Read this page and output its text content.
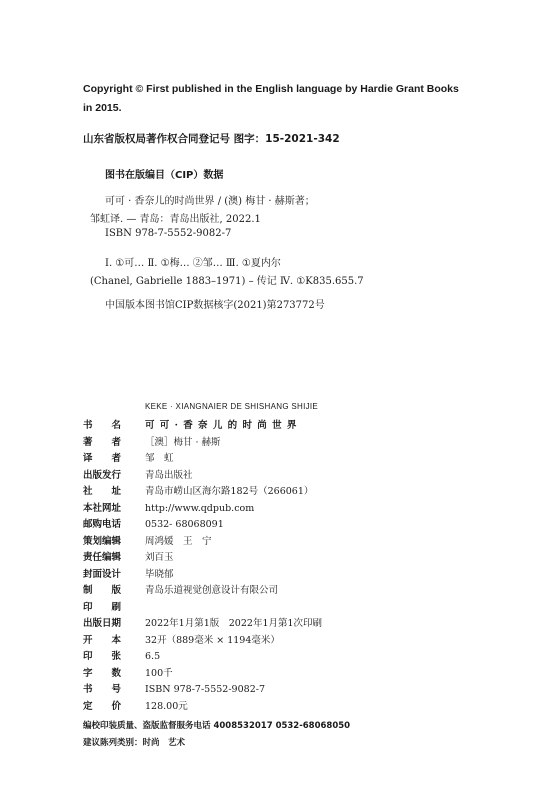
Copyright © First published in the English language by Hardie Grant Books in 2015.
山东省版权局著作权合同登记号 图字：15-2021-342
图书在版编目（CIP）数据
可可 · 香奈儿的时尚世界 / (澳) 梅甘 · 赫斯著；
邹虹译. — 青岛：青岛出版社, 2022.1
ISBN 978-7-5552-9082-7
Ⅰ. ①可… Ⅱ. ①梅… ②邹… Ⅲ. ①夏内尔
(Chanel, Gabrielle 1883–1971) – 传记 Ⅳ. ①K835.655.7
中国版本图书馆CIP数据核字(2021)第273772号
KEKE · XIANGNAIER DE SHISHANG SHIJIE
书　　名	可 可 · 香 奈 儿 的 时 尚 世 界
著　　者	［澳］梅甘 · 赫斯
译　　者	邹　虹
出版发行	青岛出版社
社　　址	青岛市崂山区海尔路182号（266061）
本社网址	http://www.qdpub.com
邮购电话	0532- 68068091
策划编辑	周鸿媛　王　宁
责任编辑	刘百玉
封面设计	毕晓郁
制　　版	青岛乐道视觉创意设计有限公司
印　　刷
出版日期	2022年1月第1版　2022年1月第1次印刷
开　　本	32开（889毫米 × 1194毫米）
印　　张	6.5
字　　数	100千
书　　号	ISBN 978-7-5552-9082-7
定　　价	128.00元
编校印装质量、盗版监督服务电话 4008532017 0532-68068050
建议陈列类别：时尚　艺术
